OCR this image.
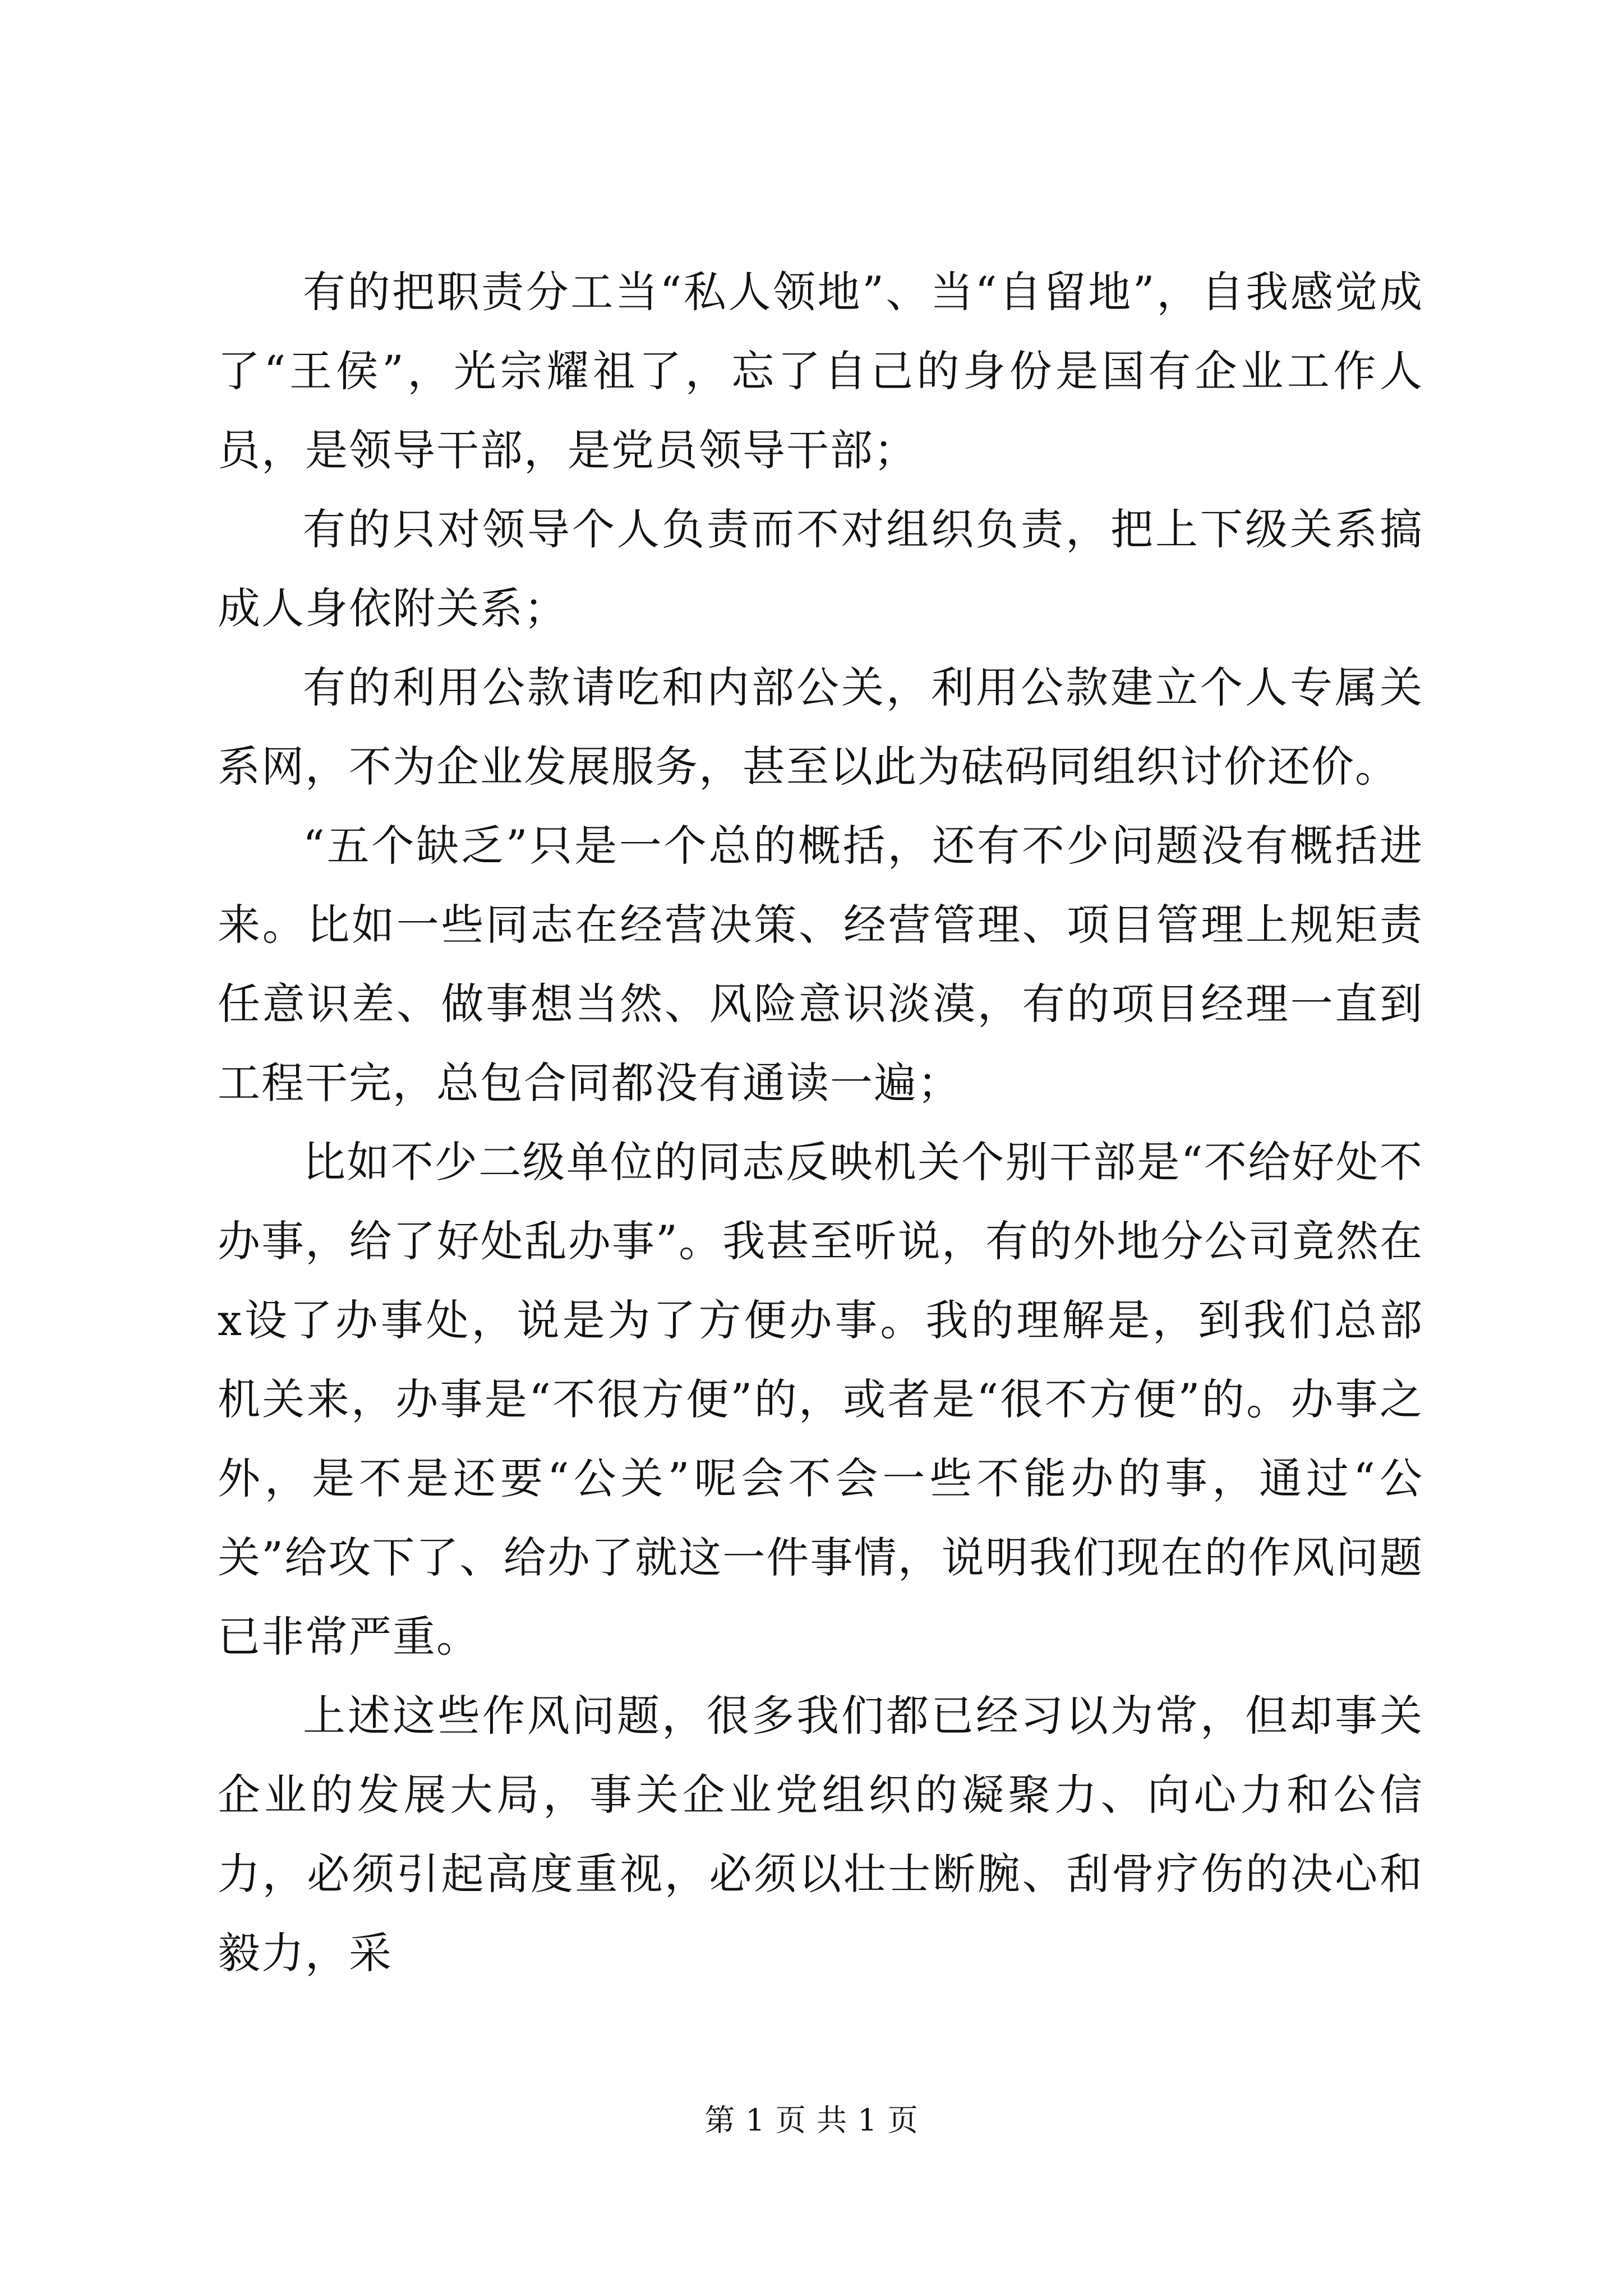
有的把职责分工当“私人领地”、当“自留地”，自我感觉成了“王侯”，光宗耀祖了，忘了自己的身份是国有企业工作人员，是领导干部，是党员领导干部；

有的只对领导个人负责而不对组织负责，把上下级关系搞成人身依附关系；

有的利用公款请吃和内部公关，利用公款建立个人专属关系网，不为企业发展服务，甚至以此为砝码同组织讨价还价。

“五个缺乏”只是一个总的概括，还有不少问题没有概括进来。比如一些同志在经营决策、经营管理、项目管理上规矩责任意识差、做事想当然、风险意识淡漠，有的项目经理一直到工程干完，总包合同都没有通读一遍；

比如不少二级单位的同志反映机关个别干部是“不给好处不办事，给了好处乱办事”。我甚至听说，有的外地分公司竟然在x设了办事处，说是为了方便办事。我的理解是，到我们总部机关来，办事是“不很方便”的，或者是“很不方便”的。办事之外，是不是还要“公关”呢会不会一些不能办的事，通过“公关”给攻下了、给办了就这一件事情，说明我们现在的作风问题已非常严重。

上述这些作风问题，很多我们都已经习以为常，但却事关企业的发展大局，事关企业党组织的凝聚力、向心力和公信力，必须引起高度重视，必须以壮士断腕、刮骨疗伤的决心和毅力，采

第 1 页 共 1 页
